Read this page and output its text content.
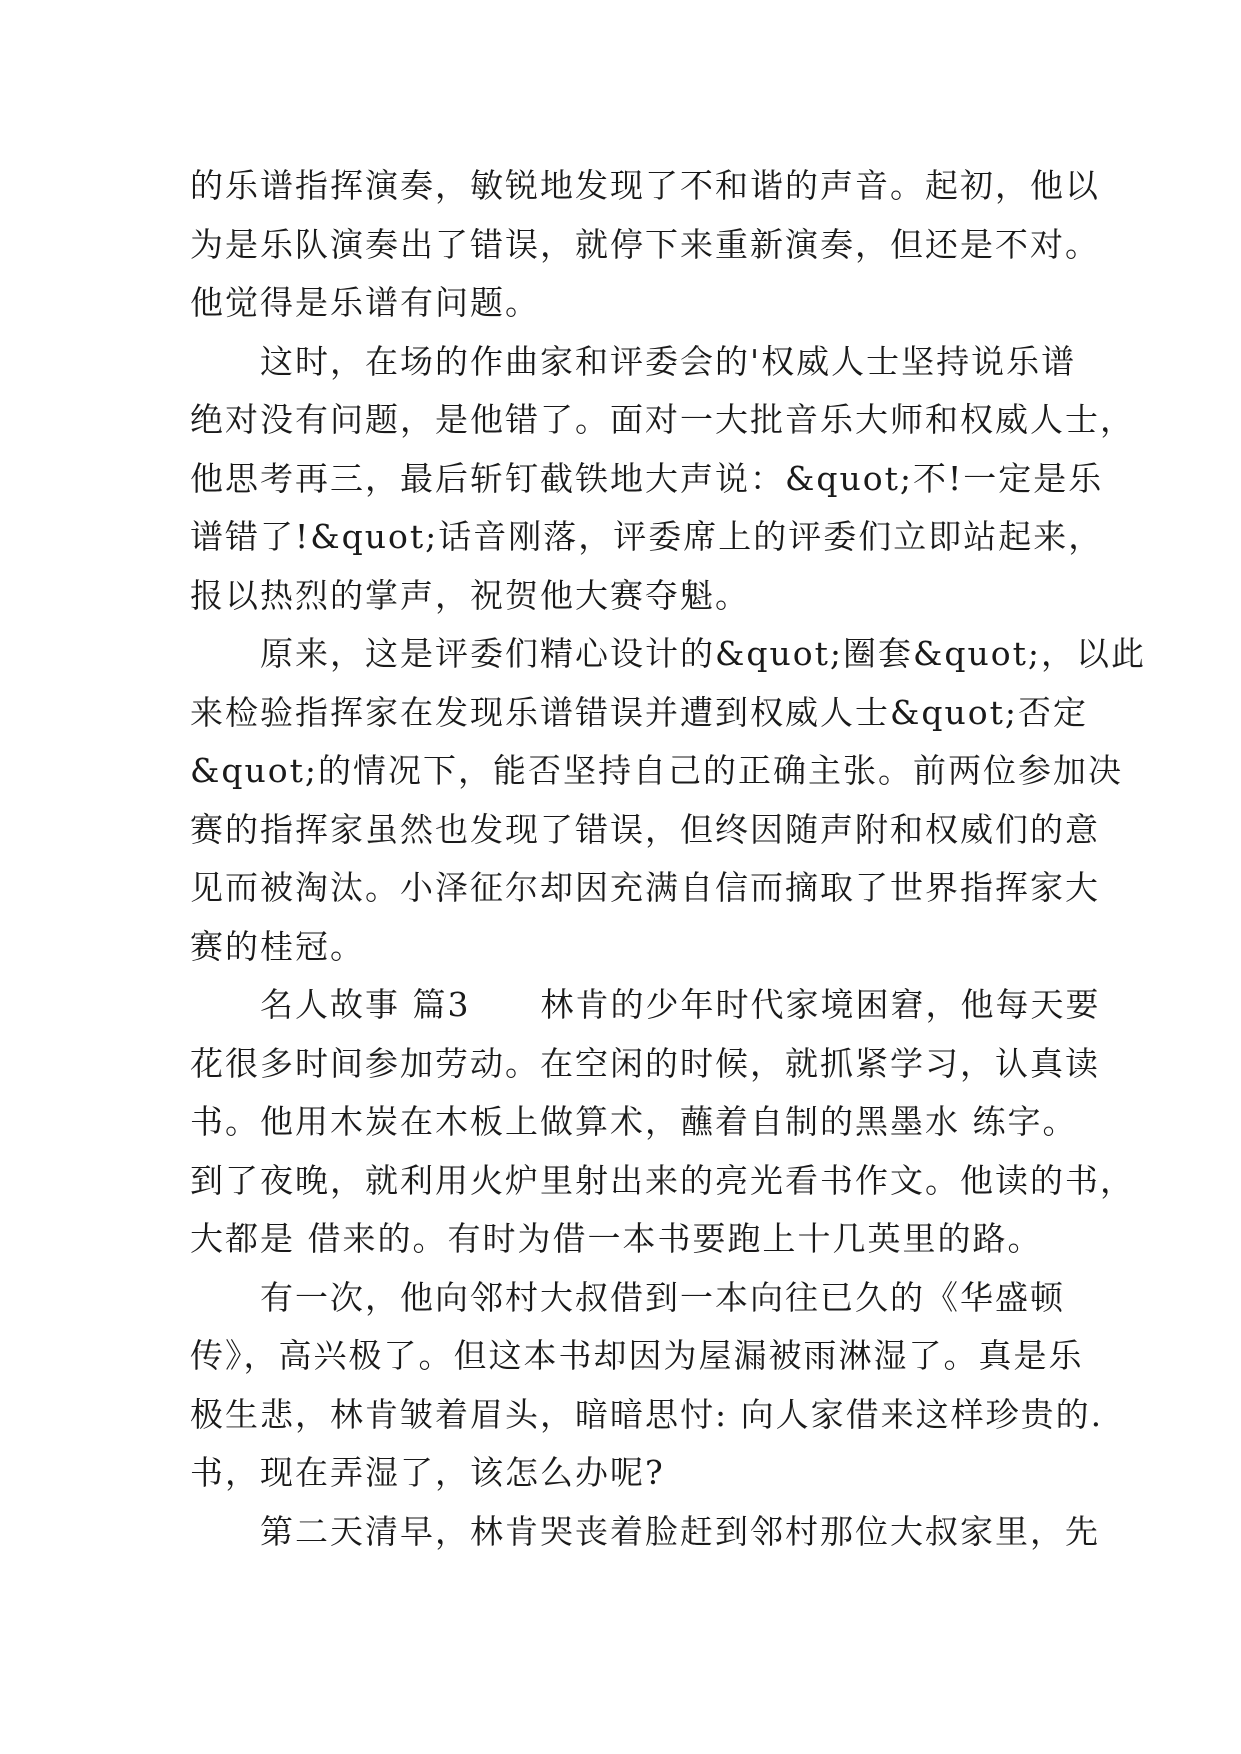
的乐谱指挥演奏，敏锐地发现了不和谐的声音。起初，他以
为是乐队演奏出了错误，就停下来重新演奏，但还是不对。
他觉得是乐谱有问题。
　　这时，在场的作曲家和评委会的'权威人士坚持说乐谱
绝对没有问题，是他错了。面对一大批音乐大师和权威人士，
他思考再三，最后斩钉截铁地大声说：&quot;不!一定是乐
谱错了!&quot;话音刚落，评委席上的评委们立即站起来，
报以热烈的掌声，祝贺他大赛夺魁。
　　原来，这是评委们精心设计的&quot;圈套&quot;，以此
来检验指挥家在发现乐谱错误并遭到权威人士&quot;否定
&quot;的情况下，能否坚持自己的正确主张。前两位参加决
赛的指挥家虽然也发现了错误，但终因随声附和权威们的意
见而被淘汰。小泽征尔却因充满自信而摘取了世界指挥家大
赛的桂冠。
　　名人故事 篇3　　林肯的少年时代家境困窘，他每天要
花很多时间参加劳动。在空闲的时候，就抓紧学习，认真读
书。他用木炭在木板上做算术，蘸着自制的黑墨水 练字。
到了夜晚，就利用火炉里射出来的亮光看书作文。他读的书，
大都是 借来的。有时为借一本书要跑上十几英里的路。
　　有一次，他向邻村大叔借到一本向往已久的《华盛顿
传》，高兴极了。但这本书却因为屋漏被雨淋湿了。真是乐
极生悲，林肯皱着眉头，暗暗思忖: 向人家借来这样珍贵的.
书，现在弄湿了，该怎么办呢?
　　第二天清早，林肯哭丧着脸赶到邻村那位大叔家里，先
